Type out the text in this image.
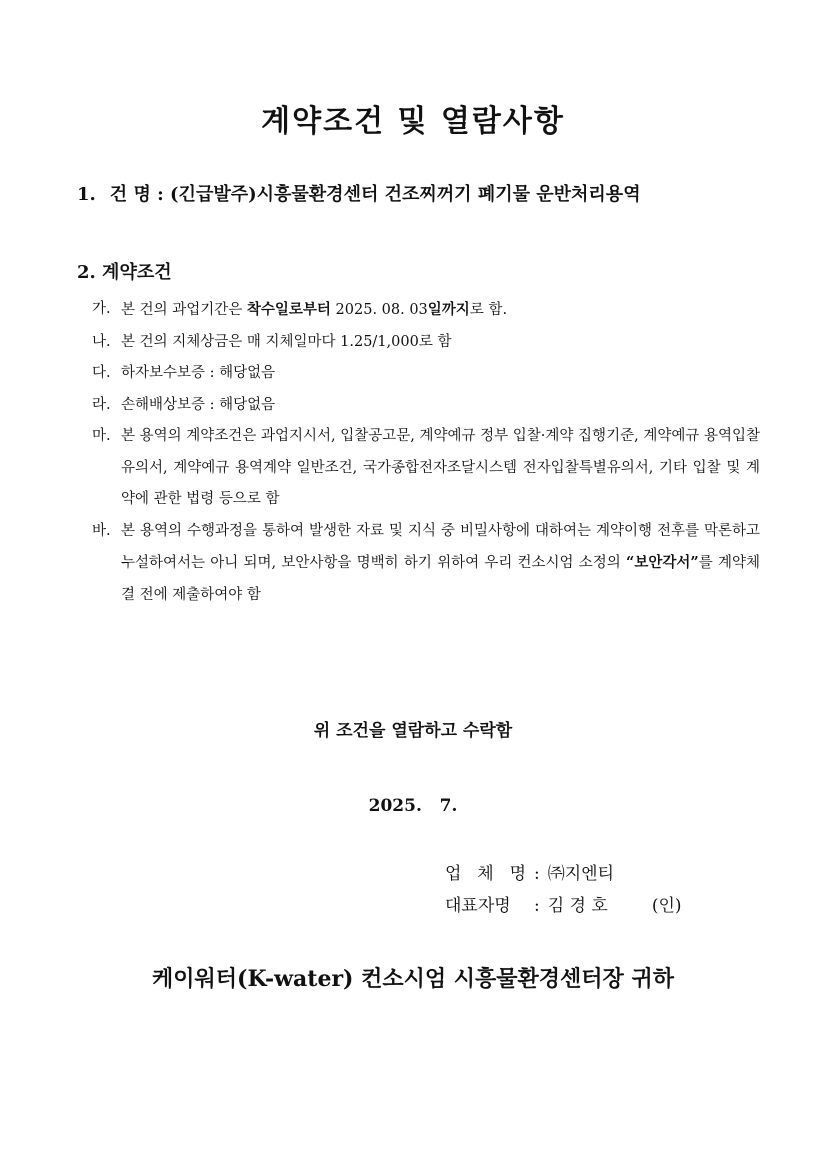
계약조건 및 열람사항

1. 건 명 : (긴급발주)시흥물환경센터 건조찌꺼기 폐기물 운반처리용역

2. 계약조건
가. 본 건의 과업기간은 착수일로부터 2025. 08. 03일까지로 함.
나. 본 건의 지체상금은 매 지체일마다 1.25/1,000로 함
다. 하자보수보증 : 해당없음
라. 손해배상보증 : 해당없음
마. 본 용역의 계약조건은 과업지시서, 입찰공고문, 계약예규 정부 입찰·계약 집행기준, 계약예규 용역입찰유의서, 계약예규 용역계약 일반조건, 국가종합전자조달시스템 전자입찰특별유의서, 기타 입찰 및 계약에 관한 법령 등으로 함
바. 본 용역의 수행과정을 통하여 발생한 자료 및 지식 중 비밀사항에 대하여는 계약이행 전후를 막론하고 누설하여서는 아니 되며, 보안사항을 명백히 하기 위하여 우리 컨소시엄 소정의 “보안각서”를 계약체결 전에 제출하여야 함

위 조건을 열람하고 수락함

2025.   7.

업 체 명 : ㈜지엔티
대표자명 : 김 경 호	(인)

케이워터(K-water) 컨소시엄 시흥물환경센터장 귀하
